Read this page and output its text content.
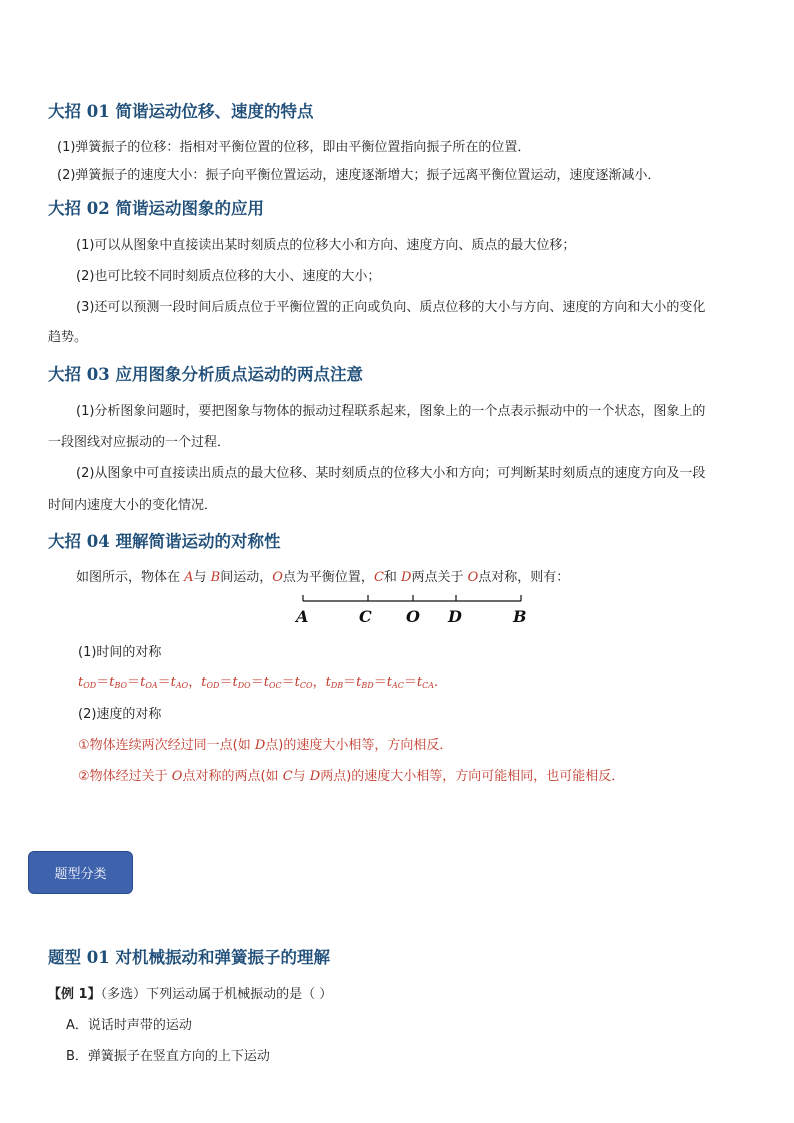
大招 01 简谐运动位移、速度的特点

(1)弹簧振子的位移：指相对平衡位置的位移，即由平衡位置指向振子所在的位置．

(2)弹簧振子的速度大小：振子向平衡位置运动，速度逐渐增大；振子远离平衡位置运动，速度逐渐减小．

大招 02 简谐运动图象的应用

(1)可以从图象中直接读出某时刻质点的位移大小和方向、速度方向、质点的最大位移；

(2)也可比较不同时刻质点位移的大小、速度的大小；

(3)还可以预测一段时间后质点位于平衡位置的正向或负向、质点位移的大小与方向、速度的方向和大小的变化

趋势。

大招 03 应用图象分析质点运动的两点注意

(1)分析图象问题时，要把图象与物体的振动过程联系起来，图象上的一个点表示振动中的一个状态，图象上的

一段图线对应振动的一个过程．

(2)从图象中可直接读出质点的最大位移、某时刻质点的位移大小和方向；可判断某时刻质点的速度方向及一段

时间内速度大小的变化情况．

大招 04 理解简谐运动的对称性

如图所示，物体在 A与 B间运动，O点为平衡位置，C和 D两点关于 O点对称，则有：

A	C O D	B

(1)时间的对称

$t_{OD}=t_{BO}=t_{OA}=t_{AO}$，$t_{OD}=t_{DO}=t_{OC}=t_{CO}$，$t_{DB}=t_{BD}=t_{AC}=t_{CA}$.

(2)速度的对称

①物体连续两次经过同一点(如 D点)的速度大小相等，方向相反．

②物体经过关于 O点对称的两点(如 C与 D两点)的速度大小相等，方向可能相同，也可能相反．

题型分类
题型 01 对机械振动和弹簧振子的理解

【例 1】（多选）下列运动属于机械振动的是（ ）

A．说话时声带的运动

B．弹簧振子在竖直方向的上下运动
